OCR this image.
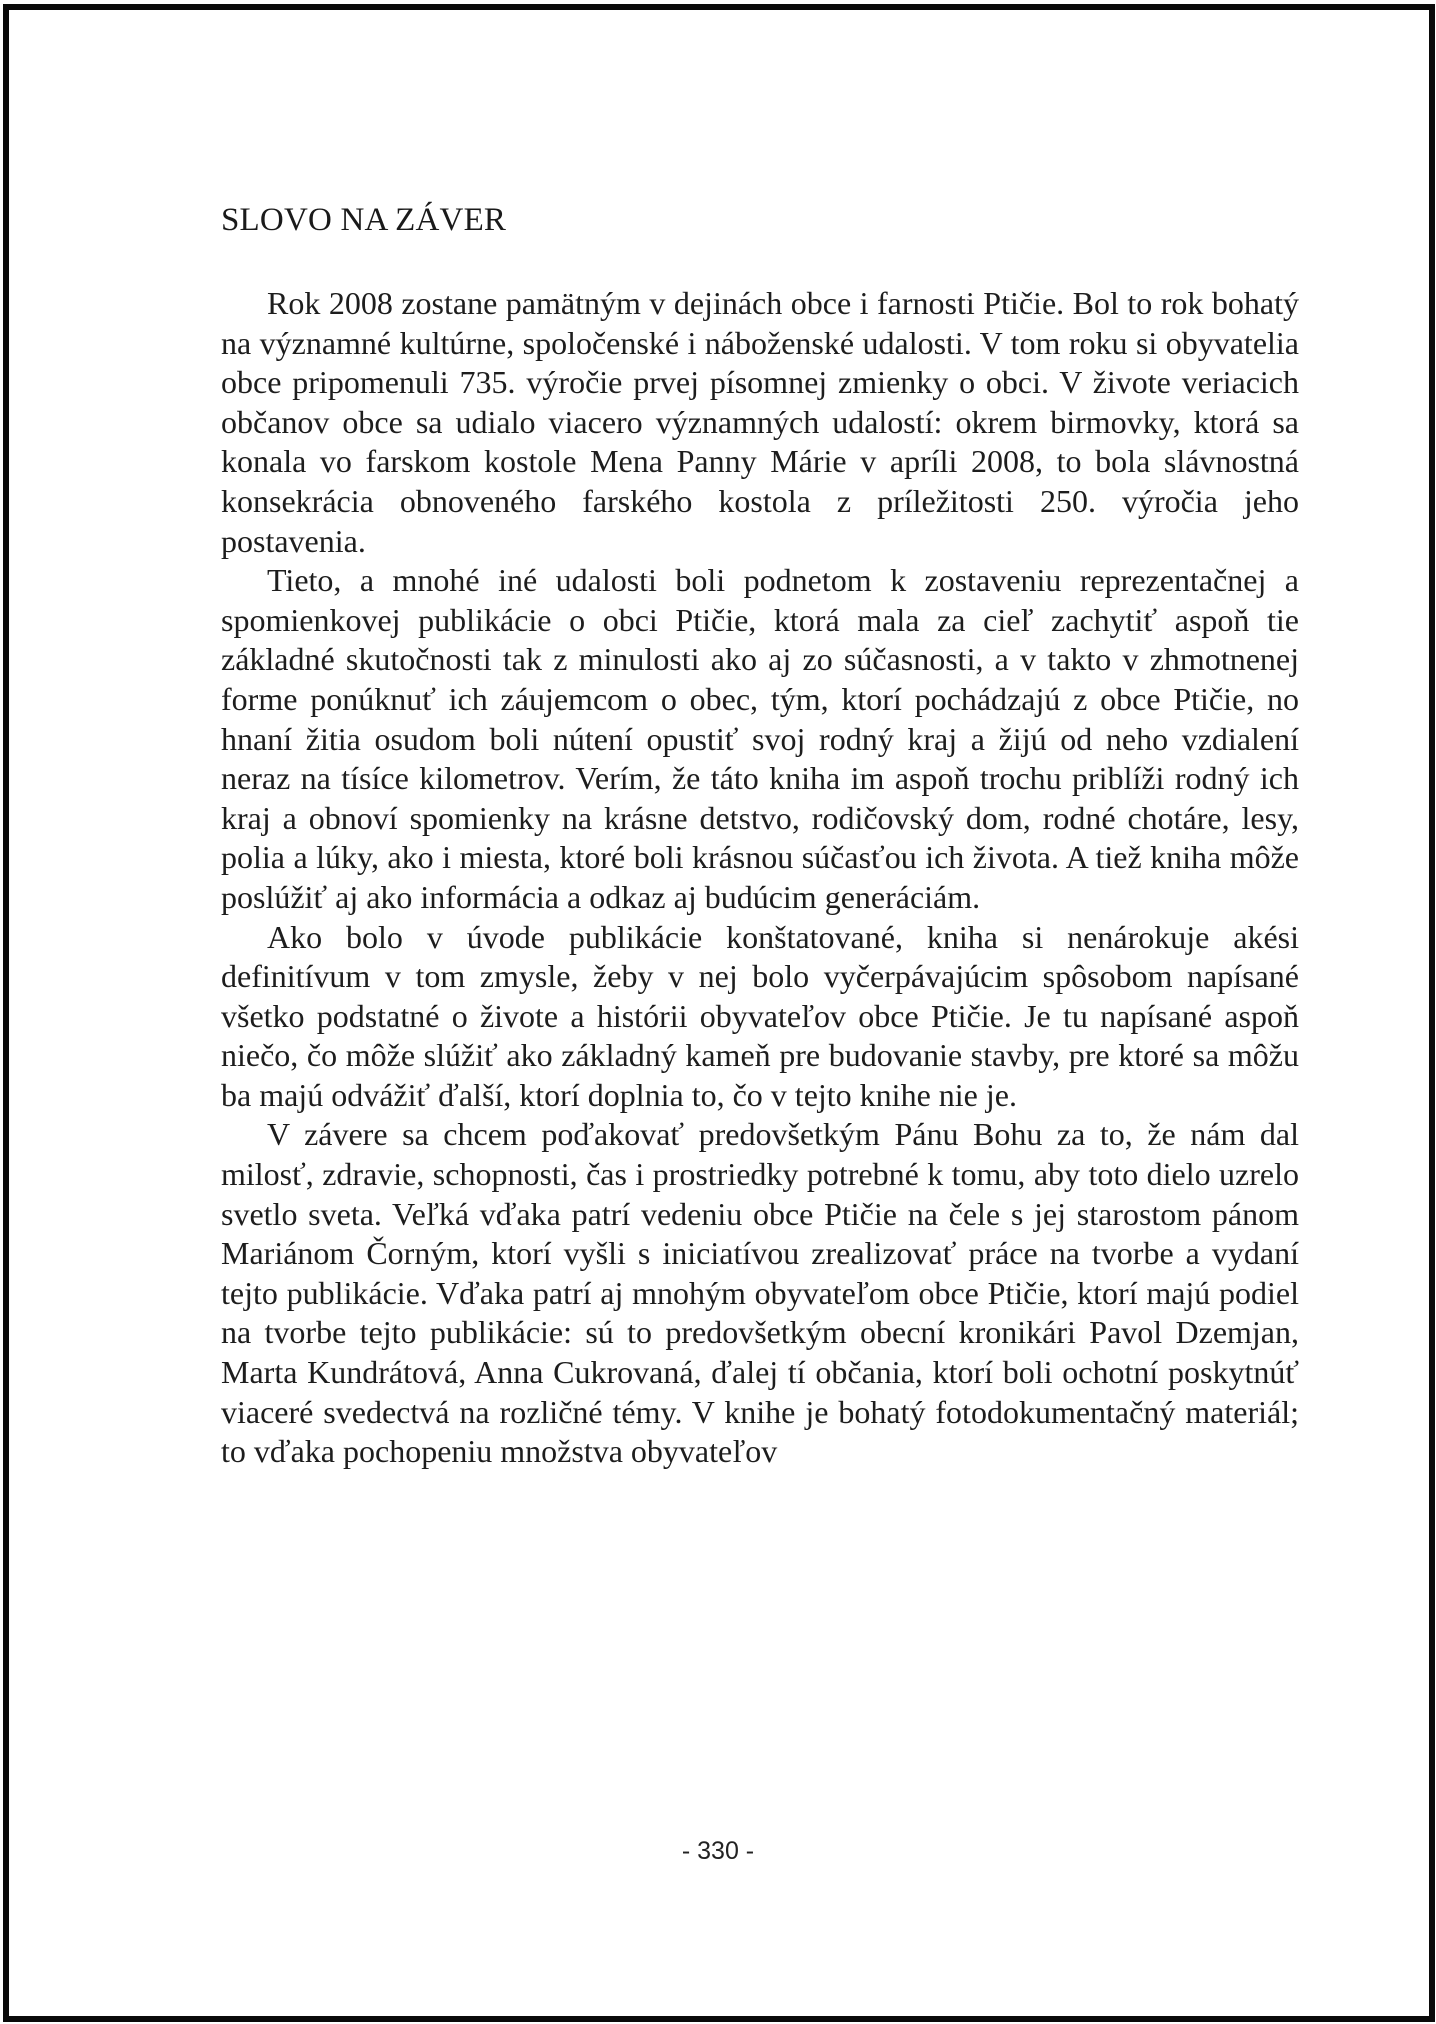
SLOVO NA ZÁVER

Rok 2008 zostane pamätným v dejinách obce i farnosti Ptičie. Bol to rok bohatý na významné kultúrne, spoločenské i náboženské udalosti. V tom roku si obyvatelia obce pripomenuli 735. výročie prvej písomnej zmienky o obci. V živote veriacich občanov obce sa udialo viacero významných udalostí: okrem birmovky, ktorá sa konala vo farskom kostole Mena Panny Márie v apríli 2008, to bola slávnostná konsekrácia obnoveného farského kostola z príležitosti 250. výročia jeho postavenia.

Tieto, a mnohé iné udalosti boli podnetom k zostaveniu reprezentačnej a spomienkovej publikácie o obci Ptičie, ktorá mala za cieľ zachytiť aspoň tie základné skutočnosti tak z minulosti ako aj zo súčasnosti, a v takto v zhmotnenej forme ponúknuť ich záujemcom o obec, tým, ktorí pochádzajú z obce Ptičie, no hnaní žitia osudom boli nútení opustiť svoj rodný kraj a žijú od neho vzdialení neraz na tísíce kilometrov. Verím, že táto kniha im aspoň trochu priblíži rodný ich kraj a obnoví spomienky na krásne detstvo, rodičovský dom, rodné chotáre, lesy, polia a lúky, ako i miesta, ktoré boli krásnou súčasťou ich života. A tiež kniha môže poslúžiť aj ako informácia a odkaz aj budúcim generáciám.

Ako bolo v úvode publikácie konštatované, kniha si nenárokuje akési definitívum v tom zmysle, žeby v nej bolo vyčerpávajúcim spôsobom napísané všetko podstatné o živote a histórii obyvateľov obce Ptičie. Je tu napísané aspoň niečo, čo môže slúžiť ako základný kameň pre budovanie stavby, pre ktoré sa môžu ba majú odvážiť ďalší, ktorí doplnia to, čo v tejto knihe nie je.

V závere sa chcem poďakovať predovšetkým Pánu Bohu za to, že nám dal milosť, zdravie, schopnosti, čas i prostriedky potrebné k tomu, aby toto dielo uzrelo svetlo sveta. Veľká vďaka patrí vedeniu obce Ptičie na čele s jej starostom pánom Mariánom Čorným, ktorí vyšli s iniciatívou zrealizovať práce na tvorbe a vydaní tejto publikácie. Vďaka patrí aj mnohým obyvateľom obce Ptičie, ktorí majú podiel na tvorbe tejto publikácie: sú to predovšetkým obecní kronikári Pavol Dzemjan, Marta Kundrátová, Anna Cukrovaná, ďalej tí občania, ktorí boli ochotní poskytnúť viaceré svedectvá na rozličné témy. V knihe je bohatý fotodokumentačný materiál; to vďaka pochopeniu množstva obyvateľov

- 330 -
